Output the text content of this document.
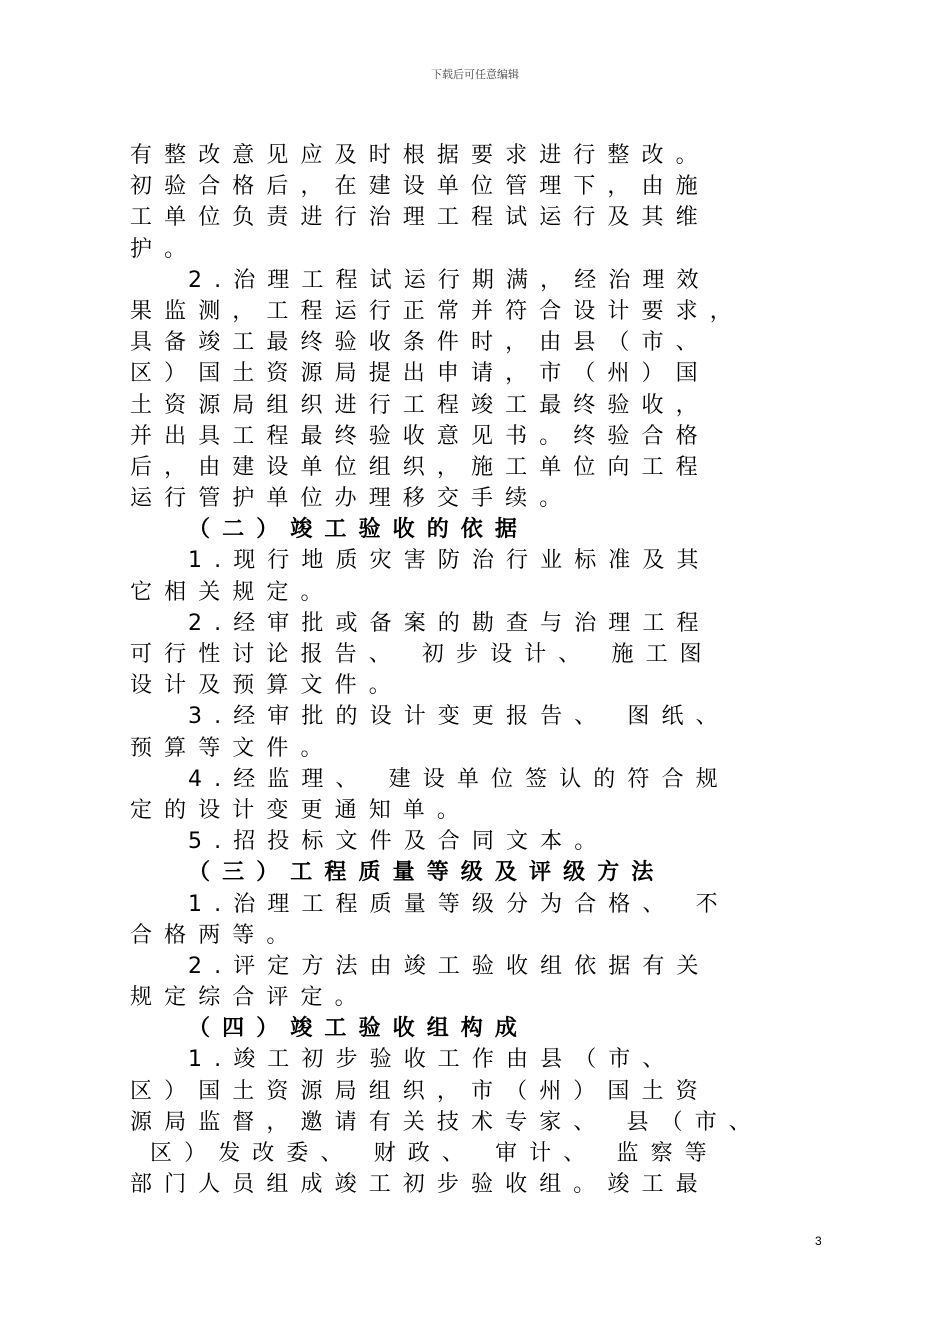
下载后可任意编辑
有整改意见应及时根据要求进行整改。
初验合格后，在建设单位管理下，由施
工单位负责进行治理工程试运行及其维
护。
2.治理工程试运行期满，经治理效
果监测，工程运行正常并符合设计要求，
具备竣工最终验收条件时，由县（市、
区）国土资源局提出申请，市（州）国
土资源局组织进行工程竣工最终验收，
并出具工程最终验收意见书。终验合格
后，由建设单位组织，施工单位向工程
运行管护单位办理移交手续。
（二）竣工验收的依据
1.现行地质灾害防治行业标准及其
它相关规定。
2.经审批或备案的勘查与治理工程
可行性讨论报告、 初步设计、 施工图
设计及预算文件。
3.经审批的设计变更报告、 图纸、
预算等文件。
4.经监理、 建设单位签认的符合规
定的设计变更通知单。
5.招投标文件及合同文本。
（三）工程质量等级及评级方法
1.治理工程质量等级分为合格、 不
合格两等。
2.评定方法由竣工验收组依据有关
规定综合评定。
（四）竣工验收组构成
1.竣工初步验收工作由县（市、
区）国土资源局组织，市（州）国土资
源局监督，邀请有关技术专家、 县（市、
区）发改委、 财政、 审计、 监察等
部门人员组成竣工初步验收组。竣工最
3
